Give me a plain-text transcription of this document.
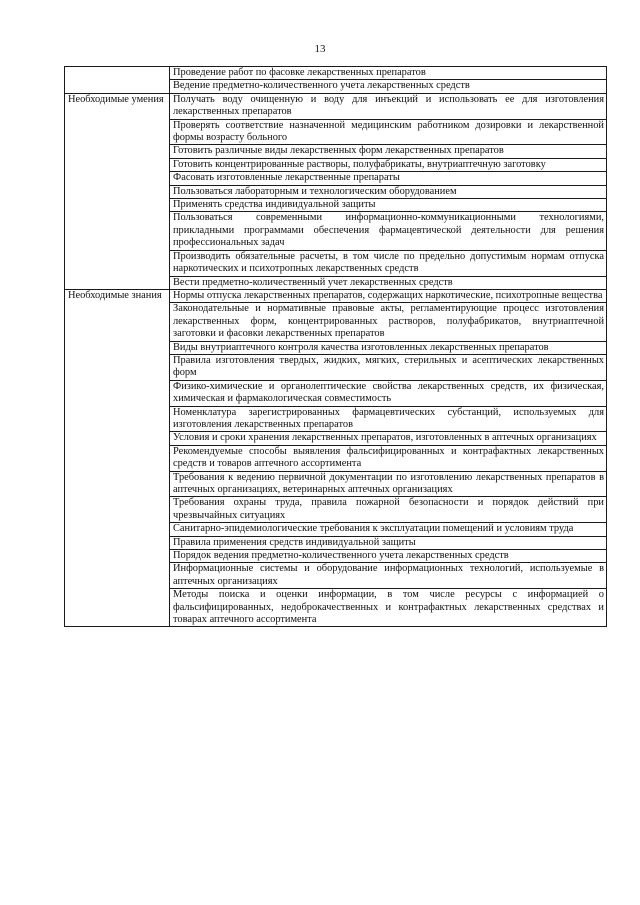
13
	Проведение работ по фасовке лекарственных препаратов
	Ведение предметно-количественного учета лекарственных средств
Необходимые умения	Получать воду очищенную и воду для инъекций и использовать ее для изготовления лекарственных препаратов
	Проверять соответствие назначенной медицинским работником дозировки и лекарственной формы возрасту больного
	Готовить различные виды лекарственных форм лекарственных препаратов
	Готовить концентрированные растворы, полуфабрикаты, внутриаптечную заготовку
	Фасовать изготовленные лекарственные препараты
	Пользоваться лабораторным и технологическим оборудованием
	Применять средства индивидуальной защиты
	Пользоваться современными информационно-коммуникационными технологиями, прикладными программами обеспечения фармацевтической деятельности для решения профессиональных задач
	Производить обязательные расчеты, в том числе по предельно допустимым нормам отпуска наркотических и психотропных лекарственных средств
	Вести предметно-количественный учет лекарственных средств
Необходимые знания	Нормы отпуска лекарственных препаратов, содержащих наркотические, психотропные вещества
	Законодательные и нормативные правовые акты, регламентирующие процесс изготовления лекарственных форм, концентрированных растворов, полуфабрикатов, внутриаптечной заготовки и фасовки лекарственных препаратов
	Виды внутриаптечного контроля качества изготовленных лекарственных препаратов
	Правила изготовления твердых, жидких, мягких, стерильных и асептических лекарственных форм
	Физико-химические и органолептические свойства лекарственных средств, их физическая, химическая и фармакологическая совместимость
	Номенклатура зарегистрированных фармацевтических субстанций, используемых для изготовления лекарственных препаратов
	Условия и сроки хранения лекарственных препаратов, изготовленных в аптечных организациях
	Рекомендуемые способы выявления фальсифицированных и контрафактных лекарственных средств и товаров аптечного ассортимента
	Требования к ведению первичной документации по изготовлению лекарственных препаратов в аптечных организациях, ветеринарных аптечных организациях
	Требования охраны труда, правила пожарной безопасности и порядок действий при чрезвычайных ситуациях
	Санитарно-эпидемиологические требования к эксплуатации помещений и условиям труда
	Правила применения средств индивидуальной защиты
	Порядок ведения предметно-количественного учета лекарственных средств
	Информационные системы и оборудование информационных технологий, используемые в аптечных организациях
	Методы поиска и оценки информации, в том числе ресурсы с информацией о фальсифицированных, недоброкачественных и контрафактных лекарственных средствах и товарах аптечного ассортимента
